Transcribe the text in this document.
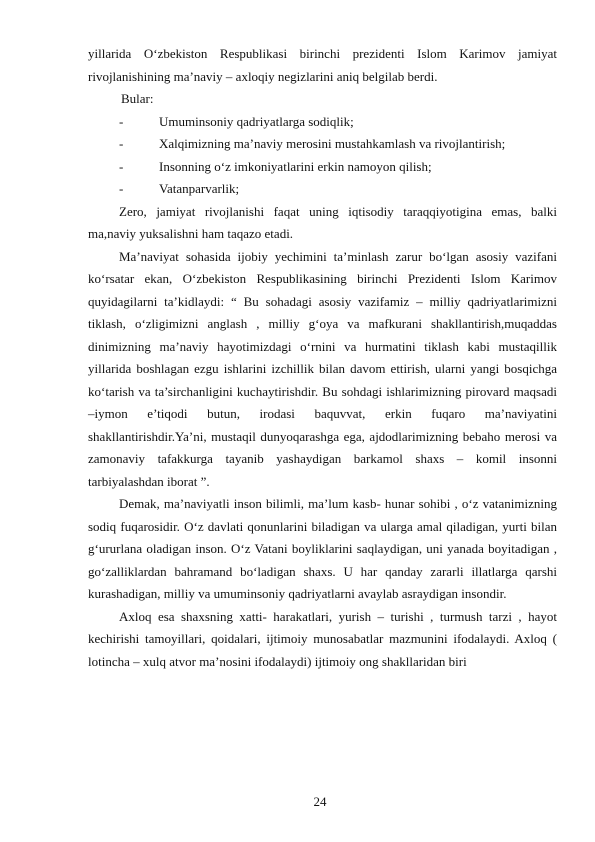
yillarida O‘zbekiston Respublikasi birinchi prezidenti Islom Karimov jamiyat rivojlanishining ma’naviy – axloqiy negizlarini aniq belgilab berdi.

Bular:

-	Umuminsoniy qadriyatlarga sodiqlik;
-	Xalqimizning ma’naviy merosini mustahkamlash va rivojlantirish;
-	Insonning o‘z imkoniyatlarini erkin namoyon qilish;
-	Vatanparvarlik;

Zero, jamiyat rivojlanishi faqat uning iqtisodiy taraqqiyotigina emas, balki ma,naviy yuksalishni ham taqazo etadi.

Ma’naviyat sohasida ijobiy yechimini ta’minlash zarur bo‘lgan asosiy vazifani ko‘rsatar ekan, O‘zbekiston Respublikasining birinchi Prezidenti Islom Karimov quyidagilarni ta’kidlaydi: “ Bu sohadagi asosiy vazifamiz – milliy qadriyatlarimizni tiklash, o‘zligimizni anglash , milliy g‘oya va mafkurani shakllantirish,muqaddas dinimizning ma’naviy hayotimizdagi o‘rnini va hurmatini tiklash kabi mustaqillik yillarida boshlagan ezgu ishlarini izchillik bilan davom ettirish, ularni yangi bosqichga ko‘tarish va ta’sirchanligini kuchaytirishdir. Bu sohdagi ishlarimizning pirovard maqsadi –iymon e’tiqodi butun, irodasi baquvvat, erkin fuqaro ma’naviyatini shakllantirishdir.Ya’ni, mustaqil dunyoqarashga ega, ajdodlarimizning bebaho merosi va zamonaviy tafakkurga tayanib yashaydigan barkamol shaxs – komil insonni tarbiyalashdan iborat ”.

Demak, ma’naviyatli inson bilimli, ma’lum kasb- hunar sohibi , o‘z vatanimizning sodiq fuqarosidir. O‘z davlati qonunlarini biladigan va ularga amal qiladigan, yurti bilan g‘ururlana oladigan inson. O‘z Vatani boyliklarini saqlaydigan, uni yanada boyitadigan , go‘zalliklardan bahramand bo‘ladigan shaxs. U har qanday zararli illatlarga qarshi kurashadigan, milliy va umuminsoniy qadriyatlarni avaylab asraydigan insondir.

Axloq esa shaxsning xatti- harakatlari, yurish – turishi , turmush tarzi , hayot kechirishi tamoyillari, qoidalari, ijtimoiy munosabatlar mazmunini ifodalaydi. Axloq ( lotincha – xulq atvor ma’nosini ifodalaydi) ijtimoiy ong shakllaridan biri

24
